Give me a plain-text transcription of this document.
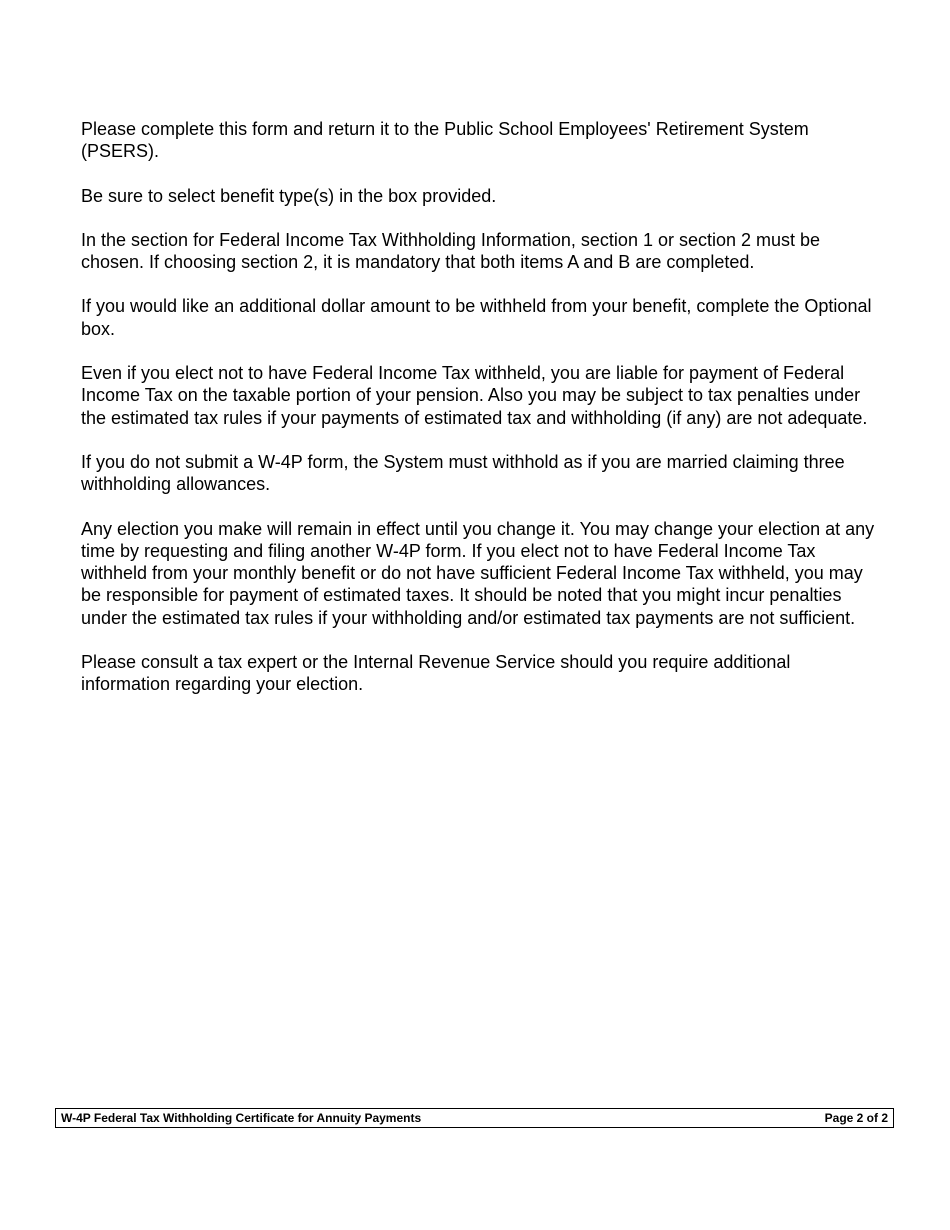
Please complete this form and return it to the Public School Employees' Retirement System (PSERS).

Be sure to select benefit type(s) in the box provided.

In the section for Federal Income Tax Withholding Information, section 1 or section 2 must be chosen. If choosing section 2, it is mandatory that both items A and B are completed.

If you would like an additional dollar amount to be withheld from your benefit, complete the Optional box.

Even if you elect not to have Federal Income Tax withheld, you are liable for payment of Federal Income Tax on the taxable portion of your pension. Also you may be subject to tax penalties under the estimated tax rules if your payments of estimated tax and withholding (if any) are not adequate.

If you do not submit a W-4P form, the System must withhold as if you are married claiming three withholding allowances.

Any election you make will remain in effect until you change it. You may change your election at any time by requesting and filing another W-4P form. If you elect not to have Federal Income Tax withheld from your monthly benefit or do not have sufficient Federal Income Tax withheld, you may be responsible for payment of estimated taxes. It should be noted that you might incur penalties under the estimated tax rules if your withholding and/or estimated tax payments are not sufficient.

Please consult a tax expert or the Internal Revenue Service should you require additional information regarding your election.

W-4P Federal Tax Withholding Certificate for Annuity Payments	Page 2 of 2
